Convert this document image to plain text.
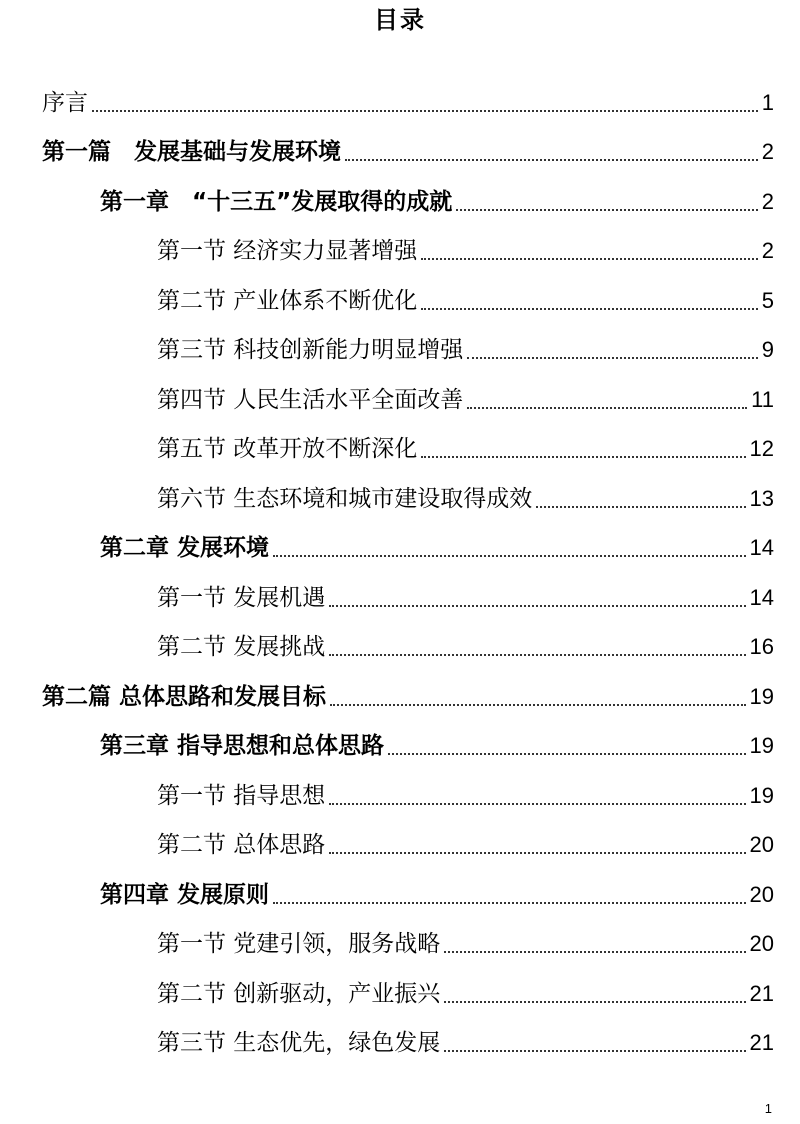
目录
序言	1
第一篇　发展基础与发展环境	2
第一章　“十三五”发展取得的成就	2
第一节 经济实力显著增强	2
第二节 产业体系不断优化	5
第三节 科技创新能力明显增强	9
第四节 人民生活水平全面改善	11
第五节 改革开放不断深化	12
第六节 生态环境和城市建设取得成效	13
第二章 发展环境	14
第一节 发展机遇	14
第二节 发展挑战	16
第二篇 总体思路和发展目标	19
第三章 指导思想和总体思路	19
第一节 指导思想	19
第二节 总体思路	20
第四章 发展原则	20
第一节 党建引领，服务战略	20
第二节 创新驱动，产业振兴	21
第三节 生态优先，绿色发展	21
1
